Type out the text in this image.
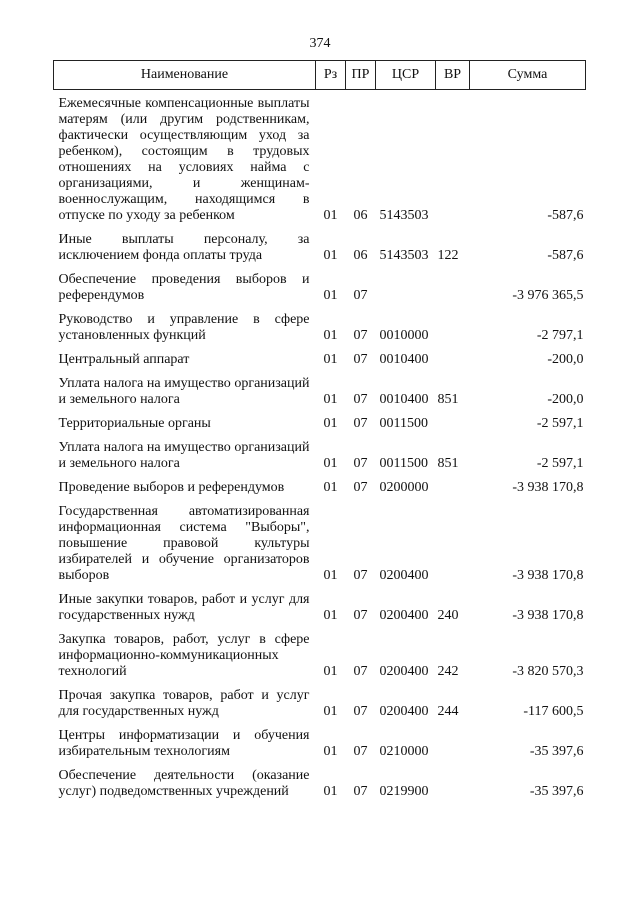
374
Наименование	Рз	ПР	ЦСР	ВР	Сумма

Ежемесячные компенсационные выплаты матерям (или другим родственникам, фактически осуществляющим уход за ребенком), состоящим в трудовых отношениях на условиях найма с организациями, и женщинам-военнослужащим, находящимся в отпуске по уходу за ребенком	01	06	5143503		-587,6

Иные выплаты персоналу, за исключением фонда оплаты труда	01	06	5143503	122	-587,6

Обеспечение проведения выборов и референдумов	01	07			-3 976 365,5

Руководство и управление в сфере установленных функций	01	07	0010000		-2 797,1

Центральный аппарат	01	07	0010400		-200,0

Уплата налога на имущество организаций и земельного налога	01	07	0010400	851	-200,0

Территориальные органы	01	07	0011500		-2 597,1

Уплата налога на имущество организаций и земельного налога	01	07	0011500	851	-2 597,1

Проведение выборов и референдумов	01	07	0200000		-3 938 170,8

Государственная автоматизированная информационная система "Выборы", повышение правовой культуры избирателей и обучение организаторов выборов	01	07	0200400		-3 938 170,8

Иные закупки товаров, работ и услуг для государственных нужд	01	07	0200400	240	-3 938 170,8

Закупка товаров, работ, услуг в сфере информационно-коммуникационных технологий	01	07	0200400	242	-3 820 570,3

Прочая закупка товаров, работ и услуг для государственных нужд	01	07	0200400	244	-117 600,5

Центры информатизации и обучения избирательным технологиям	01	07	0210000		-35 397,6

Обеспечение деятельности (оказание услуг) подведомственных учреждений	01	07	0219900		-35 397,6
